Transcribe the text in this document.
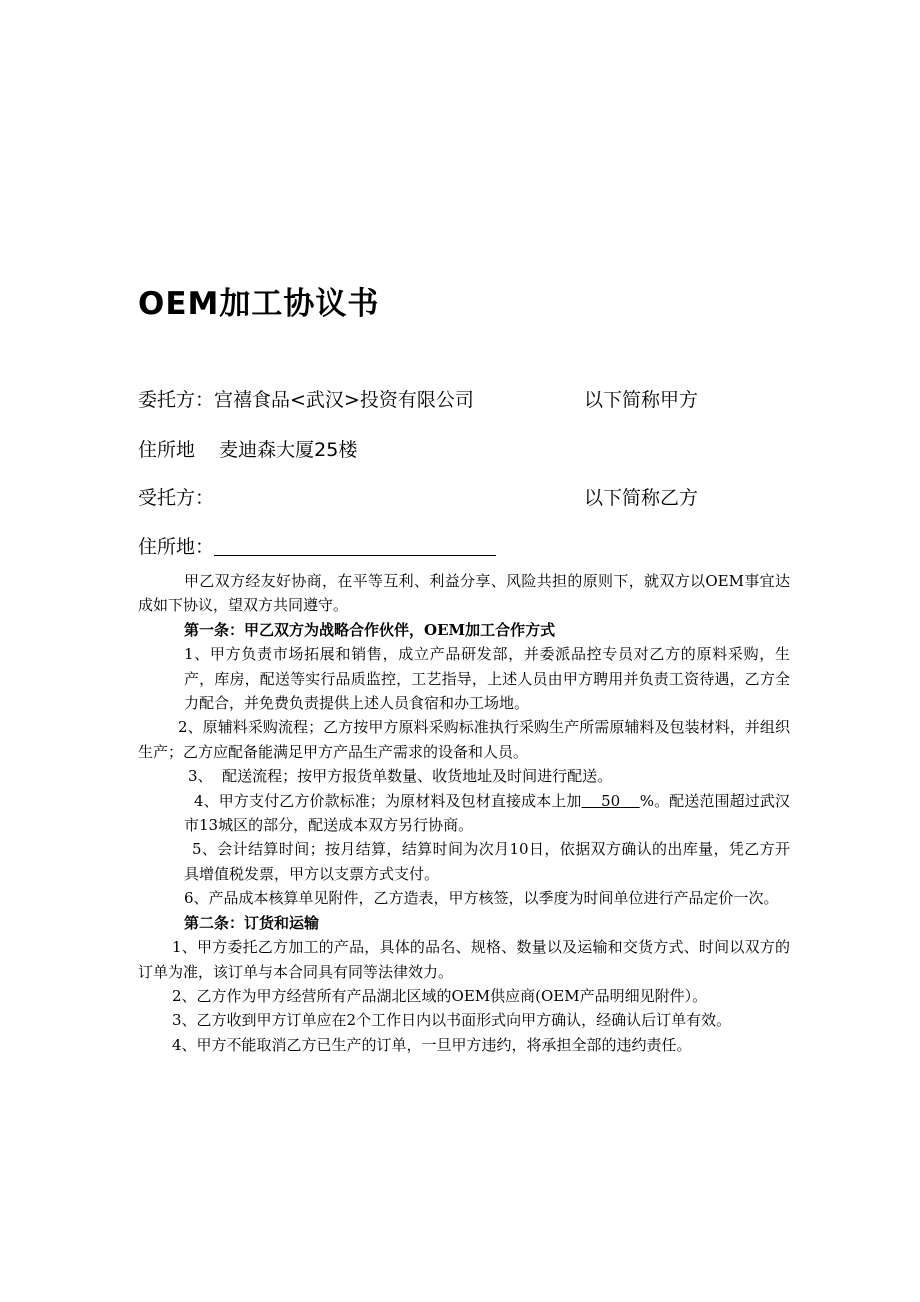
OEM加工协议书
委托方：宫禧食品<武汉>投资有限公司	以下简称甲方
住所地    麦迪森大厦25楼
受托方：	以下简称乙方
住所地：

甲乙双方经友好协商，在平等互利、利益分享、风险共担的原则下，就双方以OEM事宜达成如下协议，望双方共同遵守。

第一条：甲乙双方为战略合作伙伴，OEM加工合作方式

1、甲方负责市场拓展和销售，成立产品研发部，并委派品控专员对乙方的原料采购，生产，库房，配送等实行品质监控，工艺指导，上述人员由甲方聘用并负责工资待遇，乙方全力配合，并免费负责提供上述人员食宿和办工场地。

2、原辅料采购流程；乙方按甲方原料采购标准执行采购生产所需原辅料及包装材料，并组织生产；乙方应配备能满足甲方产品生产需求的设备和人员。

3、  配送流程；按甲方报货单数量、收货地址及时间进行配送。

4、甲方支付乙方价款标准；为原材料及包材直接成本上加    50    %。配送范围超过武汉市13城区的部分，配送成本双方另行协商。

5、会计结算时间；按月结算，结算时间为次月10日，依据双方确认的出库量，凭乙方开具增值税发票，甲方以支票方式支付。

6、产品成本核算单见附件，乙方造表，甲方核签，以季度为时间单位进行产品定价一次。

第二条：订货和运输

1、甲方委托乙方加工的产品，具体的品名、规格、数量以及运输和交货方式、时间以双方的订单为准，该订单与本合同具有同等法律效力。

2、乙方作为甲方经营所有产品湖北区域的OEM供应商(OEM产品明细见附件）。

3、乙方收到甲方订单应在2个工作日内以书面形式向甲方确认，经确认后订单有效。

4、甲方不能取消乙方已生产的订单，一旦甲方违约，将承担全部的违约责任。
